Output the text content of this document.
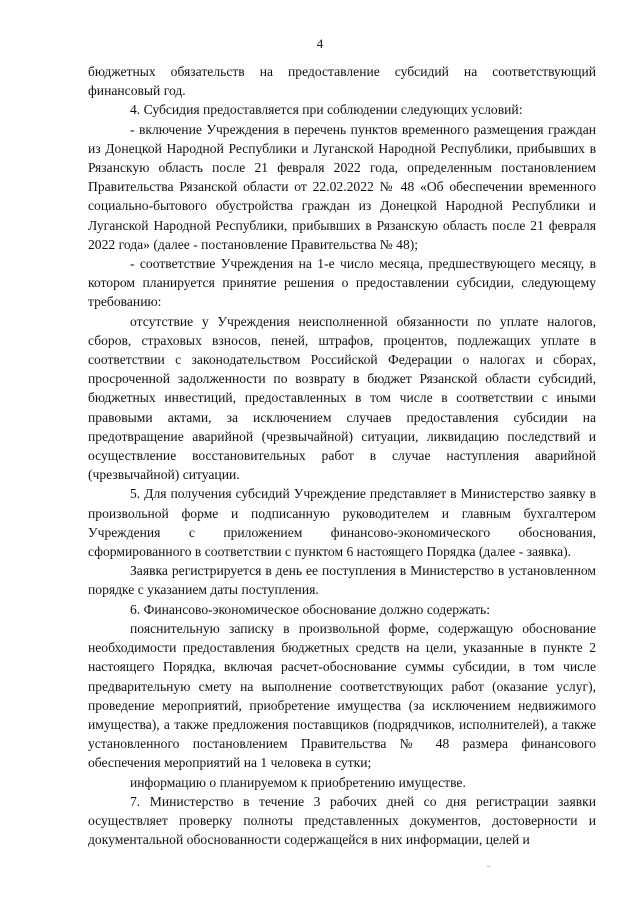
4

бюджетных обязательств на предоставление субсидий на соответствующий финансовый год.

4. Субсидия предоставляется при соблюдении следующих условий:

- включение Учреждения в перечень пунктов временного размещения граждан из Донецкой Народной Республики и Луганской Народной Республики, прибывших в Рязанскую область после 21 февраля 2022 года, определенным постановлением Правительства Рязанской области от 22.02.2022 № 48 «Об обеспечении временного социально-бытового обустройства граждан из Донецкой Народной Республики и Луганской Народной Республики, прибывших в Рязанскую область после 21 февраля 2022 года» (далее - постановление Правительства № 48);

- соответствие Учреждения на 1-е число месяца, предшествующего месяцу, в котором планируется принятие решения о предоставлении субсидии, следующему требованию:

отсутствие у Учреждения неисполненной обязанности по уплате налогов, сборов, страховых взносов, пеней, штрафов, процентов, подлежащих уплате в соответствии с законодательством Российской Федерации о налогах и сборах, просроченной задолженности по возврату в бюджет Рязанской области субсидий, бюджетных инвестиций, предоставленных в том числе в соответствии с иными правовыми актами, за исключением случаев предоставления субсидии на предотвращение аварийной (чрезвычайной) ситуации, ликвидацию последствий и осуществление восстановительных работ в случае наступления аварийной (чрезвычайной) ситуации.

5. Для получения субсидий Учреждение представляет в Министерство заявку в произвольной форме и подписанную руководителем и главным бухгалтером Учреждения с приложением финансово-экономического обоснования, сформированного в соответствии с пунктом 6 настоящего Порядка (далее - заявка).

Заявка регистрируется в день ее поступления в Министерство в установленном порядке с указанием даты поступления.

6. Финансово-экономическое обоснование должно содержать:

пояснительную записку в произвольной форме, содержащую обоснование необходимости предоставления бюджетных средств на цели, указанные в пункте 2 настоящего Порядка, включая расчет-обоснование суммы субсидии, в том числе предварительную смету на выполнение соответствующих работ (оказание услуг), проведение мероприятий, приобретение имущества (за исключением недвижимого имущества), а также предложения поставщиков (подрядчиков, исполнителей), а также установленного постановлением Правительства № 48 размера финансового обеспечения мероприятий на 1 человека в сутки;

информацию о планируемом к приобретению имуществе.

7. Министерство в течение 3 рабочих дней со дня регистрации заявки осуществляет проверку полноты представленных документов, достоверности и документальной обоснованности содержащейся в них информации, целей и
